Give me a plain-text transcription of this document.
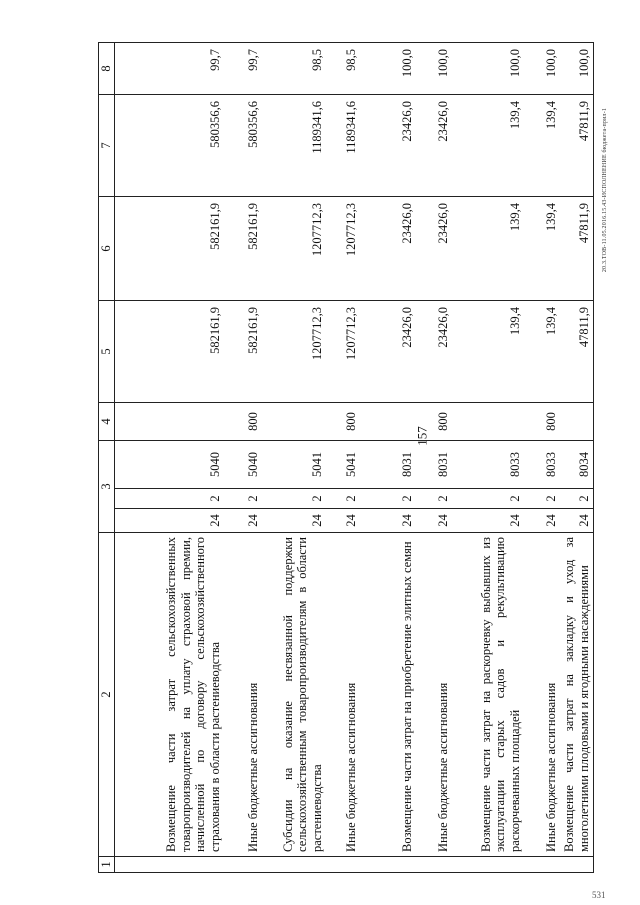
157
20.3.ТОВ-11.05.2016.15.43-ИСПОЛНЕНИЕ бюджета-прил-1
531
1	2	3			4	5	6	7	8
	Возмещение части затрат сельскохозяйственных товаропроизводителей на уплату страховой премии, начисленной по договору сельскохозяйственного страхования в области растениеводства	24	2	5040		582161,9	582161,9	580356,6	99,7
	Иные бюджетные ассигнования	24	2	5040	800	582161,9	582161,9	580356,6	99,7
	Субсидии на оказание несвязанной поддержки сельскохозяйственным товаропроизводителям в области растениеводства	24	2	5041		1207712,3	1207712,3	1189341,6	98,5
	Иные бюджетные ассигнования	24	2	5041	800	1207712,3	1207712,3	1189341,6	98,5
	Возмещение части затрат на приобретение элитных семян	24	2	8031		23426,0	23426,0	23426,0	100,0
	Иные бюджетные ассигнования	24	2	8031	800	23426,0	23426,0	23426,0	100,0
	Возмещение части затрат на раскорчевку выбывших из эксплуатации старых садов и рекультивацию раскорчеванных площадей	24	2	8033		139,4	139,4	139,4	100,0
	Иные бюджетные ассигнования	24	2	8033	800	139,4	139,4	139,4	100,0
	Возмещение части затрат на закладку и уход за многолетними плодовыми и ягодными насаждениями	24	2	8034		47811,9	47811,9	47811,9	100,0
